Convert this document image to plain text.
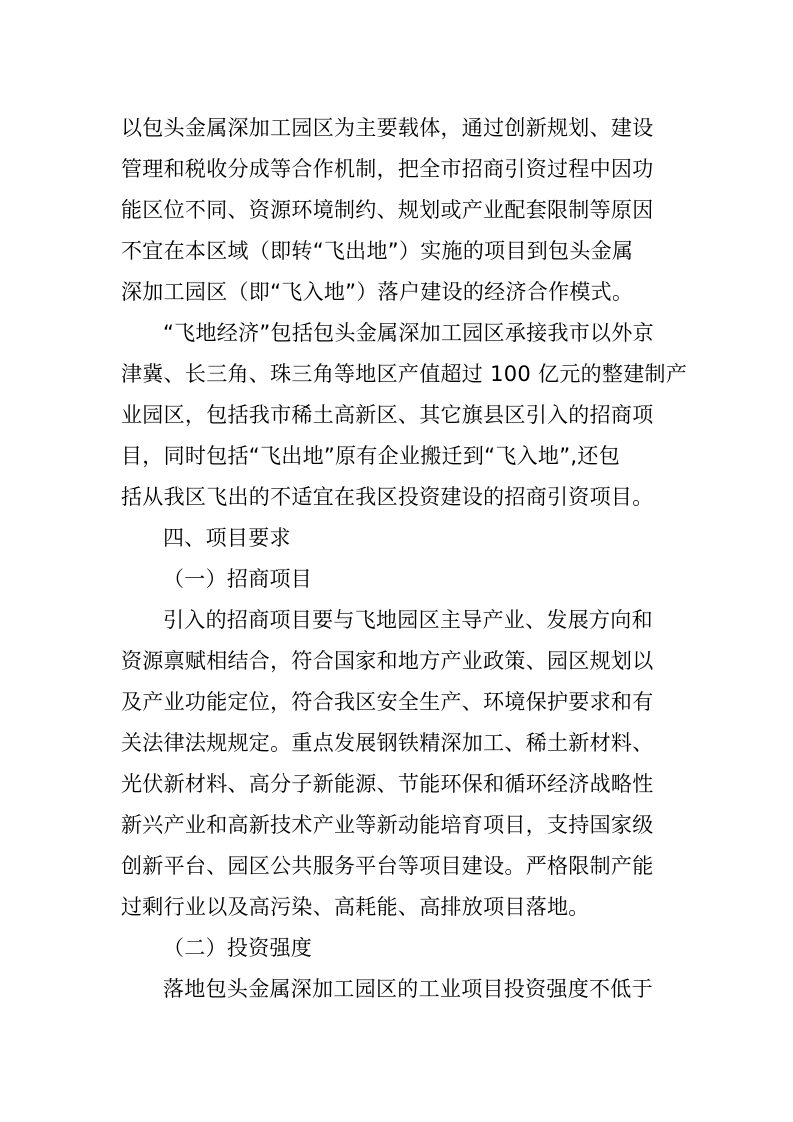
以包头金属深加工园区为主要载体，通过创新规划、建设
管理和税收分成等合作机制，把全市招商引资过程中因功
能区位不同、资源环境制约、规划或产业配套限制等原因
不宜在本区域（即转“飞出地”）实施的项目到包头金属
深加工园区（即“飞入地”）落户建设的经济合作模式。
“飞地经济”包括包头金属深加工园区承接我市以外京
津冀、长三角、珠三角等地区产值超过 100 亿元的整建制产
业园区，包括我市稀土高新区、其它旗县区引入的招商项
目，同时包括“飞出地”原有企业搬迁到“飞入地”,还包
括从我区飞出的不适宜在我区投资建设的招商引资项目。
四、项目要求
（一）招商项目
引入的招商项目要与飞地园区主导产业、发展方向和
资源禀赋相结合，符合国家和地方产业政策、园区规划以
及产业功能定位，符合我区安全生产、环境保护要求和有
关法律法规规定。重点发展钢铁精深加工、稀土新材料、
光伏新材料、高分子新能源、节能环保和循环经济战略性
新兴产业和高新技术产业等新动能培育项目，支持国家级
创新平台、园区公共服务平台等项目建设。严格限制产能
过剩行业以及高污染、高耗能、高排放项目落地。
（二）投资强度
落地包头金属深加工园区的工业项目投资强度不低于
